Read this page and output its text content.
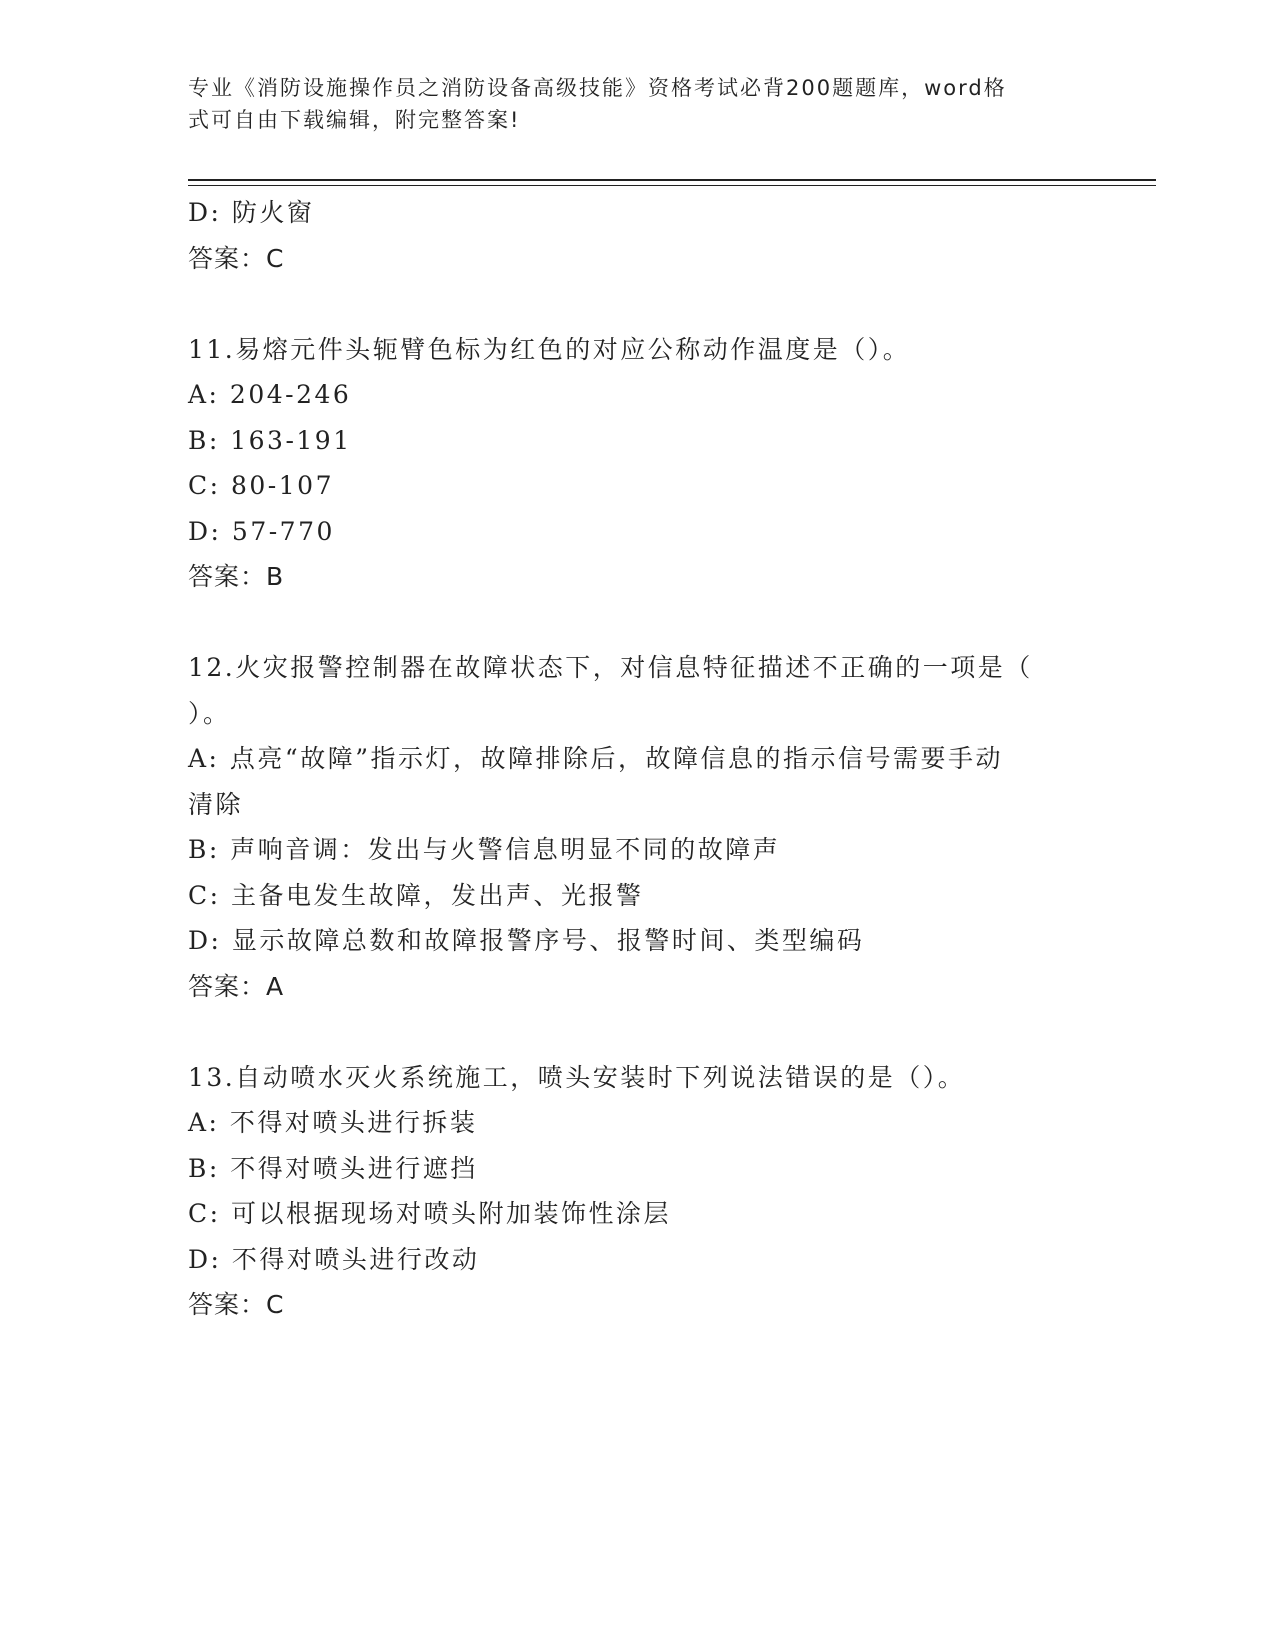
专业《消防设施操作员之消防设备高级技能》资格考试必背200题题库，word格
式可自由下载编辑，附完整答案!
D: 防火窗
答案：C
11.易熔元件头轭臂色标为红色的对应公称动作温度是（）。
A: 204-246
B: 163-191
C: 80-107
D: 57-770
答案：B
12.火灾报警控制器在故障状态下，对信息特征描述不正确的一项是（
）。
A: 点亮“故障”指示灯，故障排除后，故障信息的指示信号需要手动
清除
B: 声响音调：发出与火警信息明显不同的故障声
C: 主备电发生故障，发出声、光报警
D: 显示故障总数和故障报警序号、报警时间、类型编码
答案：A
13.自动喷水灭火系统施工，喷头安装时下列说法错误的是（）。
A: 不得对喷头进行拆装
B: 不得对喷头进行遮挡
C: 可以根据现场对喷头附加装饰性涂层
D: 不得对喷头进行改动
答案：C
